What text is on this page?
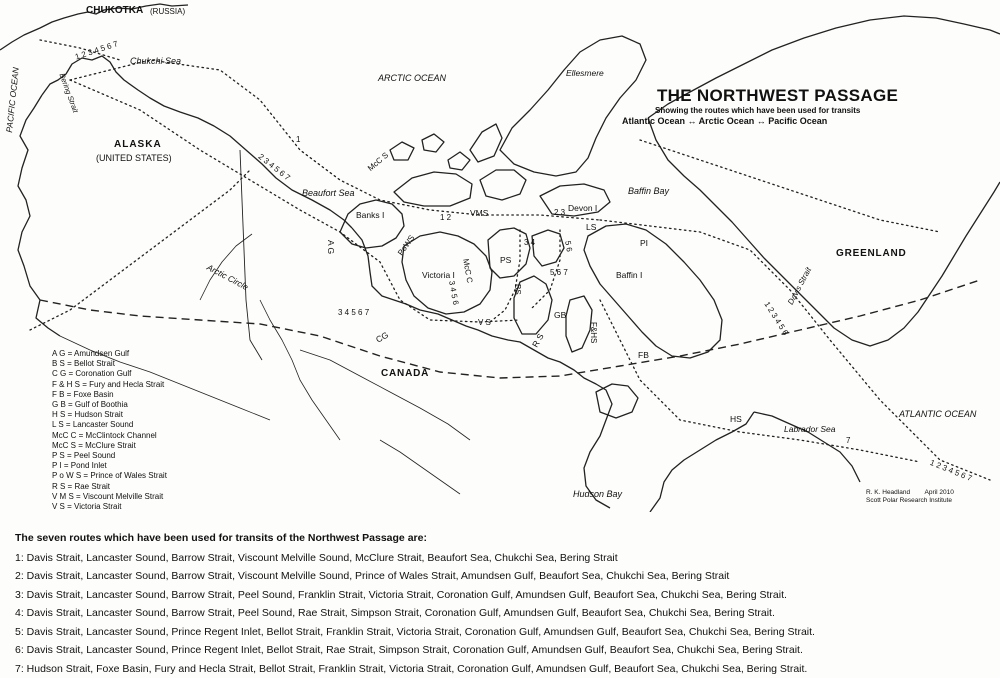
THE NORTHWEST PASSAGE
Showing the routes which have been used for transits
Atlantic Ocean ↔ Arctic Ocean ↔ Pacific Ocean
CHUKOTKA (RUSSIA)
PACIFIC OCEAN
Chukchi Sea
Bering Strait	ARCTIC OCEAN
ALASKA
(UNITED STATES)
Beaufort Sea
Banks I
Victoria I
Ellesmere
Devon I
Baffin Bay
Baffin I
GREENLAND
Davis Strait
Labrador Sea
ATLANTIC OCEAN
CANADA
Hudson Bay
Arctic Circle
McC S
VMS
A G	PoWS
McC C	PS
BS
GB
F&HS
FB
HS
PI
LS
R S
CG
V S
1 2 3 4 5 6 7
1
2 3 4 5 6 7
1 2
3 4
5 6 7
3 4 5 6
3 4 5 6 7	1 2 3 4 5 6
7
1 2 3 4 5 6 7
2 3
5 6
A G = Amundsen Gulf
B S = Bellot Strait
C G = Coronation Gulf
F & H S = Fury and Hecla Strait
F B = Foxe Basin
G B = Gulf of Boothia
H S = Hudson Strait
L S = Lancaster Sound
McC C = McClintock Channel
McC S = McClure Strait
P S = Peel Sound
P I = Pond Inlet
P o W S = Prince of Wales Strait
R S = Rae Strait
V M S = Viscount Melville Strait
V S = Victoria Strait
R. K. Headland April 2010
Scott Polar Research Institute
The seven routes which have been used for transits of the Northwest Passage are:
1: Davis Strait, Lancaster Sound, Barrow Strait, Viscount Melville Sound, McClure Strait, Beaufort Sea, Chukchi Sea, Bering Strait
2: Davis Strait, Lancaster Sound, Barrow Strait, Viscount Melville Sound, Prince of Wales Strait, Amundsen Gulf, Beaufort Sea, Chukchi Sea, Bering Strait
3: Davis Strait, Lancaster Sound, Barrow Strait, Peel Sound, Franklin Strait, Victoria Strait, Coronation Gulf, Amundsen Gulf, Beaufort Sea, Chukchi Sea, Bering Strait.
4: Davis Strait, Lancaster Sound, Barrow Strait, Peel Sound, Rae Strait, Simpson Strait, Coronation Gulf, Amundsen Gulf, Beaufort Sea, Chukchi Sea, Bering Strait.
5: Davis Strait, Lancaster Sound, Prince Regent Inlet, Bellot Strait, Franklin Strait, Victoria Strait, Coronation Gulf, Amundsen Gulf, Beaufort Sea, Chukchi Sea, Bering Strait.
6: Davis Strait, Lancaster Sound, Prince Regent Inlet, Bellot Strait, Rae Strait, Simpson Strait, Coronation Gulf, Amundsen Gulf, Beaufort Sea, Chukchi Sea, Bering Strait.
7: Hudson Strait, Foxe Basin, Fury and Hecla Strait, Bellot Strait, Franklin Strait, Victoria Strait, Coronation Gulf, Amundsen Gulf, Beaufort Sea, Chukchi Sea, Bering Strait.
